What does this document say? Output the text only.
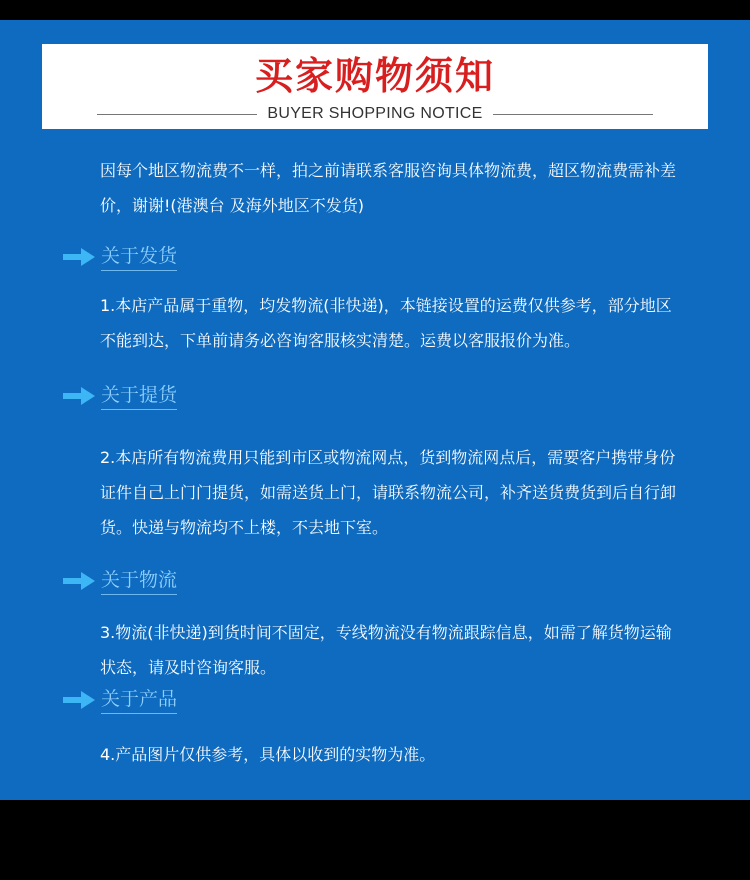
买家购物须知
BUYER SHOPPING NOTICE
因每个地区物流费不一样，拍之前请联系客服咨询具体物流费，超区物流费需补差价，谢谢!(港澳台 及海外地区不发货)
关于发货
1.本店产品属于重物，均发物流(非快递)，本链接设置的运费仅供参考，部分地区不能到达，下单前请务必咨询客服核实清楚。运费以客服报价为准。
关于提货
2.本店所有物流费用只能到市区或物流网点，货到物流网点后，需要客户携带身份证件自己上门门提货，如需送货上门，请联系物流公司，补齐送货费货到后自行卸货。快递与物流均不上楼，不去地下室。
关于物流
3.物流(非快递)到货时间不固定，专线物流没有物流跟踪信息，如需了解货物运输状态，请及时咨询客服。
关于产品
4.产品图片仅供参考，具体以收到的实物为准。
